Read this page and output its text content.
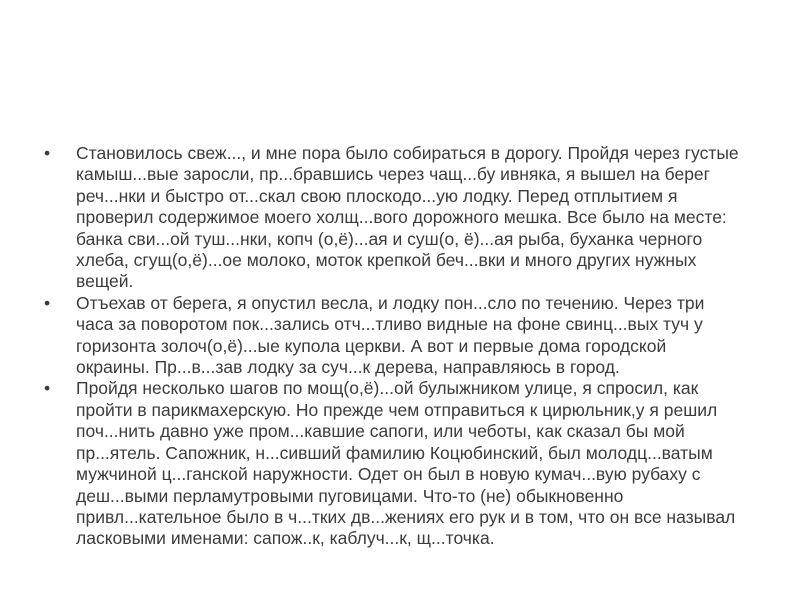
• Становилось свеж..., и мне пора было собираться в дорогу. Пройдя через густые камыш...вые заросли, пр...бравшись через чащ...бу ивняка, я вышел на берег реч...нки и быстро от...скал свою плоскодо...ую лодку. Перед отплытием я проверил содержимое моего холщ...вого дорожного мешка. Все было на месте: банка сви...ой туш...нки, копч (о,ё)...ая и суш(о, ё)...ая рыба, буханка черного хлеба, сгущ(о,ё)...ое молоко, моток крепкой беч...вки и много других нужных вещей.
• Отъехав от берега, я опустил весла, и лодку пон...сло по течению. Через три часа за поворотом пок...зались отч...тливо видные на фоне свинц...вых туч у горизонта золоч(о,ё)...ые купола церкви. А вот и первые дома городской окраины. Пр...в...зав лодку за суч...к дерева, направляюсь в город.
• Пройдя несколько шагов по мощ(о,ё)...ой булыжником улице, я спросил, как пройти в парикмахерскую. Но прежде чем отправиться к цирюльник,у я решил поч...нить давно уже пром...кавшие сапоги, или чеботы, как сказал бы мой пр...ятель. Сапожник, н...сивший фамилию Коцюбинский, был молодц...ватым мужчиной ц...ганской наружности. Одет он был в новую кумач...вую рубаху с деш...выми перламутровыми пуговицами. Что-то (не) обыкновенно привл...кательное было в ч...тких дв...жениях его рук и в том, что он все называл ласковыми именами: сапож..к, каблуч...к, щ...точка.
